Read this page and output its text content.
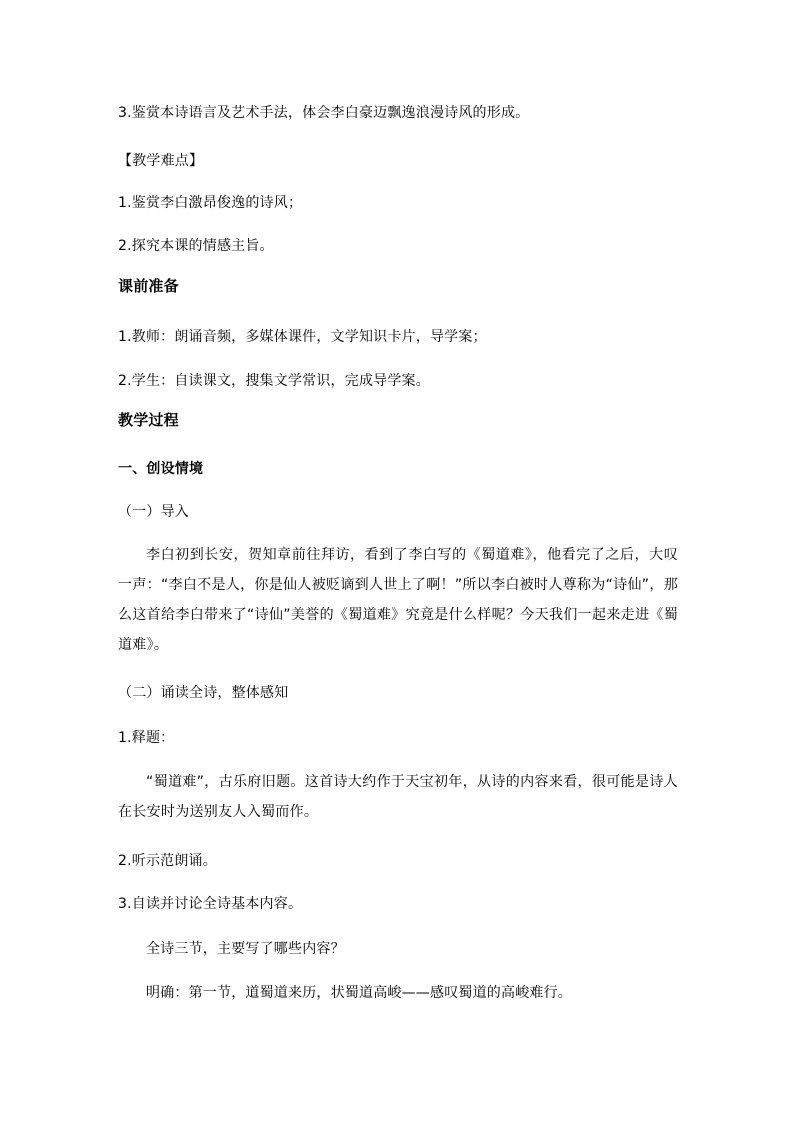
3.鉴赏本诗语言及艺术手法，体会李白豪迈飘逸浪漫诗风的形成。
【教学难点】
1.鉴赏李白激昂俊逸的诗风；
2.探究本课的情感主旨。
课前准备
1.教师：朗诵音频，多媒体课件，文学知识卡片，导学案；
2.学生：自读课文，搜集文学常识，完成导学案。
教学过程
一、创设情境
（一）导入
李白初到长安，贺知章前往拜访，看到了李白写的《蜀道难》，他看完了之后，大叹一声：“李白不是人，你是仙人被贬谪到人世上了啊！”所以李白被时人尊称为“诗仙”，那么这首给李白带来了“诗仙”美誉的《蜀道难》究竟是什么样呢？今天我们一起来走进《蜀道难》。
（二）诵读全诗，整体感知
1.释题：
“蜀道难”，古乐府旧题。这首诗大约作于天宝初年，从诗的内容来看，很可能是诗人在长安时为送别友人入蜀而作。
2.听示范朗诵。
3.自读并讨论全诗基本内容。
全诗三节，主要写了哪些内容？
明确：第一节，道蜀道来历，状蜀道高峻——感叹蜀道的高峻难行。
